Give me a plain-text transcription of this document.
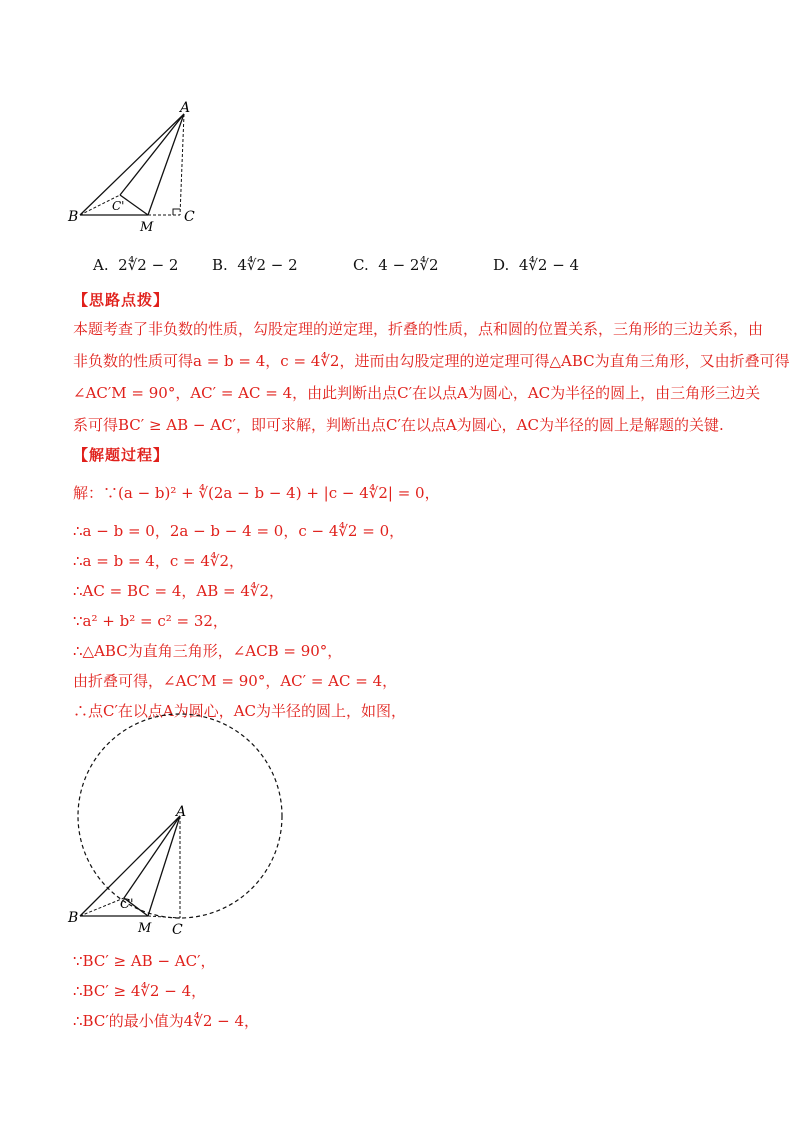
A
B	C
C'
M
A. 2∜2 − 2 B. 4∜2 − 2	C. 4 − 2∜2	D. 4∜2 − 4
【思路点拨】
本题考查了非负数的性质，勾股定理的逆定理，折叠的性质，点和圆的位置关系，三角形的三边关系，由
非负数的性质可得a = b = 4，c = 4∜2，进而由勾股定理的逆定理可得△ABC为直角三角形，又由折叠可得
∠AC′M = 90°，AC′ = AC = 4，由此判断出点C′在以点A为圆心，AC为半径的圆上，由三角形三边关
系可得BC′ ≥ AB − AC′，即可求解，判断出点C′在以点A为圆心，AC为半径的圆上是解题的关键.
【解题过程】
解：∵(a − b)² + ∜(2a − b − 4) + |c − 4∜2| = 0，
∴a − b = 0，2a − b − 4 = 0，c − 4∜2 = 0，
∴a = b = 4，c = 4∜2，
∴AC = BC = 4，AB = 4∜2，
∵a² + b² = c² = 32，
∴△ABC为直角三角形，∠ACB = 90°，
由折叠可得，∠AC′M = 90°，AC′ = AC = 4，
∴点C′在以点A为圆心，AC为半径的圆上，如图，
A
B
C
C'
M
∵BC′ ≥ AB − AC′，
∴BC′ ≥ 4∜2 − 4，
∴BC′的最小值为4∜2 − 4，
